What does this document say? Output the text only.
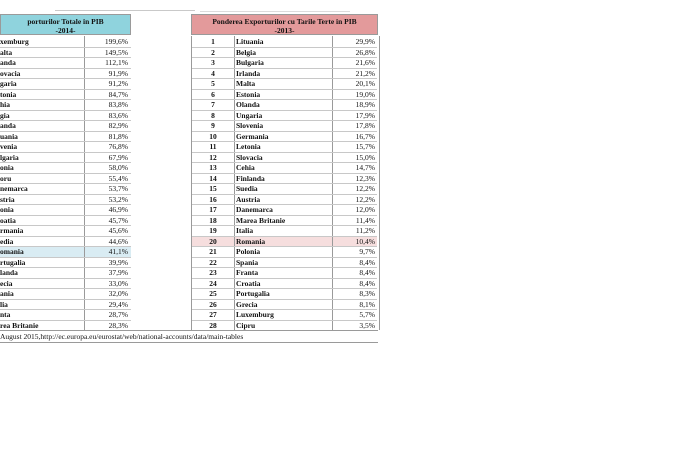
porturilor Totale in PIB
-2014-
xemburg	199,6%
alta	149,5%
anda	112,1%
ovacia	91,9%
garia	91,2%
tonia	84,7%
hia	83,8%
gia	83,6%
anda	82,9%
uania	81,8%
venia	76,8%
lgaria	67,9%
onia	58,0%
oru	55,4%
nemarca	53,7%
stria	53,2%
onia	46,9%
oatia	45,7%
rmania	45,6%
edia	44,6%
omania	41,1%
rtugalia	39,9%
landa	37,9%
ecia	33,0%
ania	32,0%
lia	29,4%
nta	28,7%
rea Britanie	28,3%
Ponderea Exporturilor cu Tarile Terte in PIB
-2013-
1	Lituania	29,9%
2	Belgia	26,8%
3	Bulgaria	21,6%
4	Irlanda	21,2%
5	Malta	20,1%
6	Estonia	19,0%
7	Olanda	18,9%
8	Ungaria	17,9%
9	Slovenia	17,8%
10	Germania	16,7%
11	Letonia	15,7%
12	Slovacia	15,0%
13	Cehia	14,7%
14	Finlanda	12,3%
15	Suedia	12,2%
16	Austria	12,2%
17	Danemarca	12,0%
18	Marea Britanie	11,4%
19	Italia	11,2%
20	Romania	10,4%
21	Polonia	9,7%
22	Spania	8,4%
23	Franta	8,4%
24	Croatia	8,4%
25	Portugalia	8,3%
26	Grecia	8,1%
27	Luxemburg	5,7%
28	Cipru	3,5%
August 2015,http://ec.europa.eu/eurostat/web/national-accounts/data/main-tables
